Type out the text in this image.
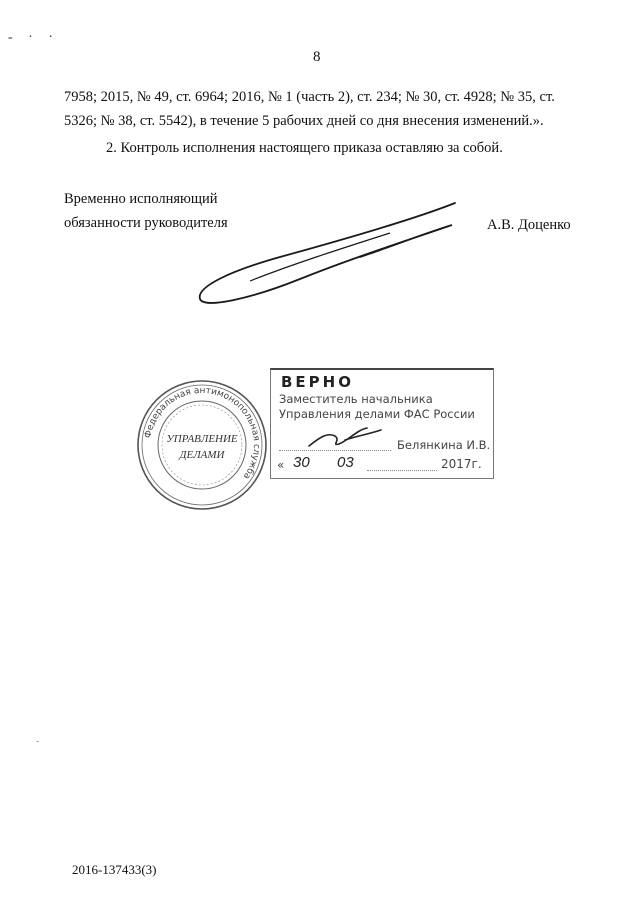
- · ·
8
7958; 2015, № 49, ст. 6964; 2016, № 1 (часть 2), ст. 234; № 30, ст. 4928; № 35, ст.
5326; № 38, ст. 5542), в течение 5 рабочих дней со дня внесения изменений.».
2. Контроль исполнения настоящего приказа оставляю за собой.
Временно исполняющий
обязанности руководителя	А.В. Доценко
Федеральная антимонопольная служба
УПРАВЛЕНИЕ
ДЕЛАМИ
ВЕРНО
Заместитель начальника
Управления делами ФАС России
Белянкина И.В.
« 30 03	2017г.
-
2016-137433(3)
